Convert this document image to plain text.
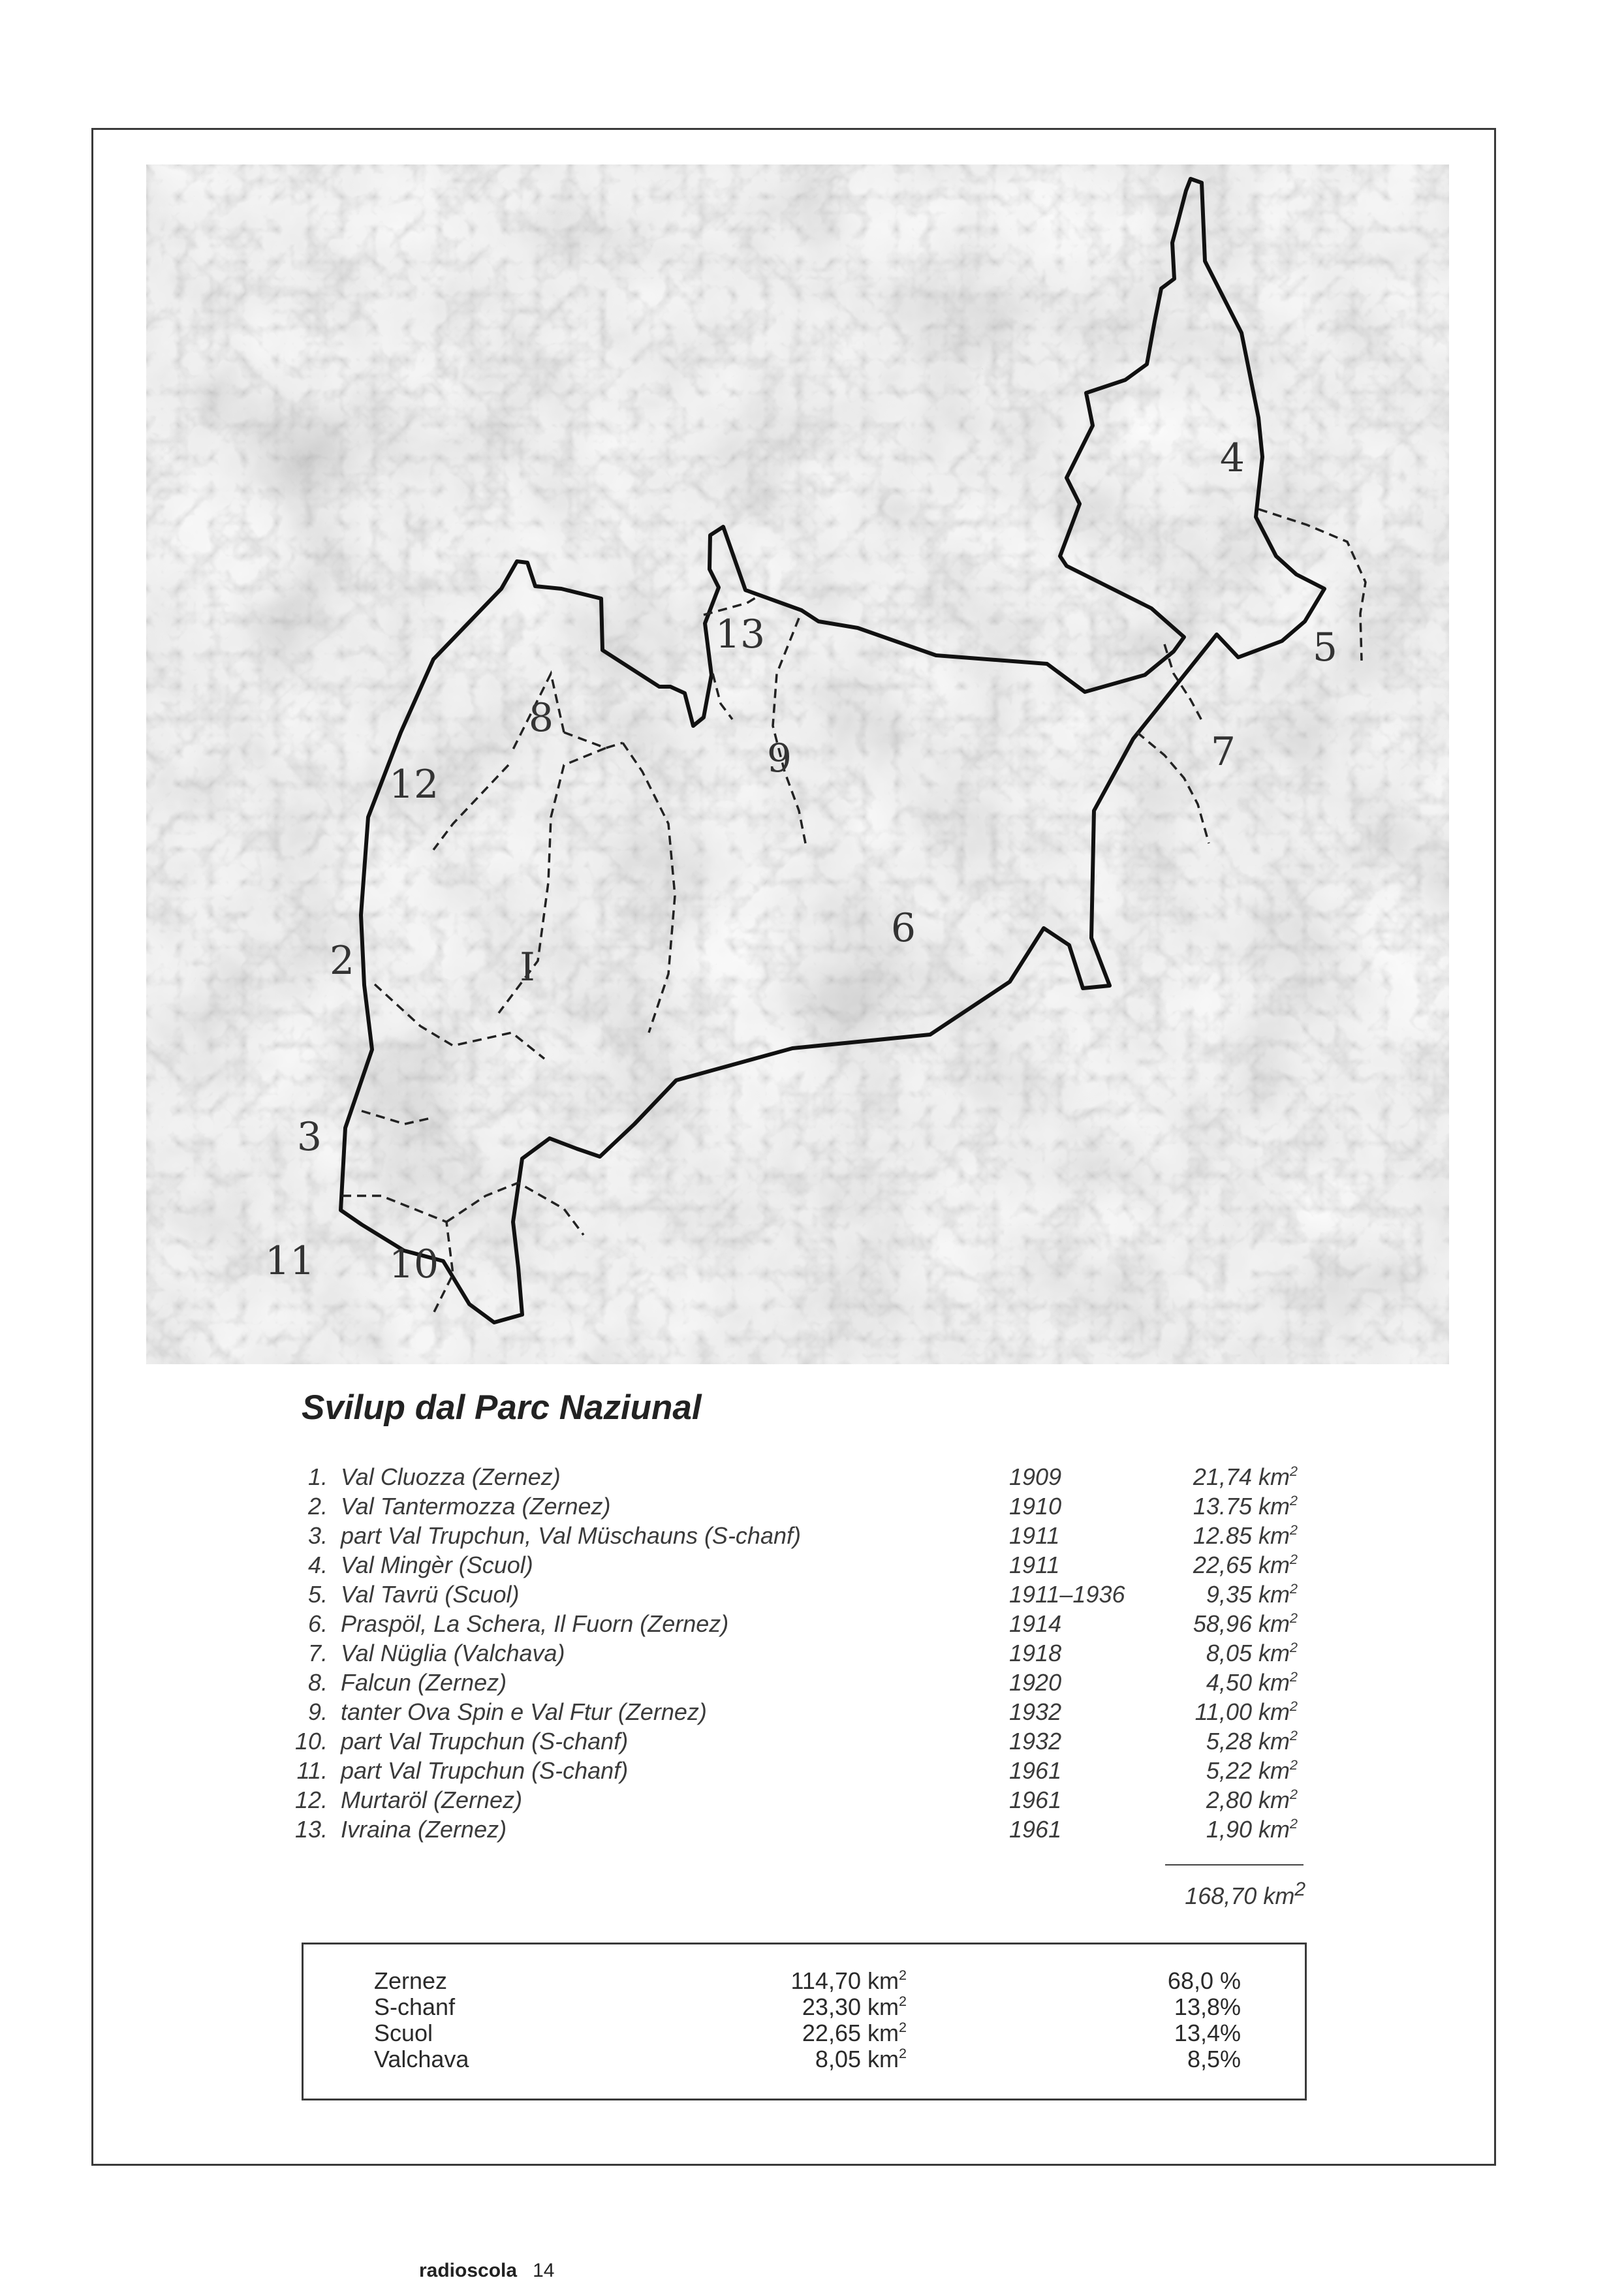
4
5
13
9
8
12
7
6
2	I
3
11 10
Svilup dal Parc Naziunal
1. Val Cluozza (Zernez)	1909	21,74 $km^2$
2. Val Tantermozza (Zernez)	1910	13.75 $km^2$
3. part Val Trupchun, Val Müschauns (S-chanf)	1911	12.85 $km^2$
4. Val Mingèr (Scuol)	1911	22,65 $km^2$
5. Val Tavrü (Scuol)	1911–1936	9,35 $km^2$
6. Praspöl, La Schera, Il Fuorn (Zernez)	1914	58,96 $km^2$
7. Val Nüglia (Valchava)	1918	8,05 $km^2$
8. Falcun (Zernez)	1920	4,50 $km^2$
9. tanter Ova Spin e Val Ftur (Zernez)	1932	11,00 $km^2$
10. part Val Trupchun (S-chanf)	1932	5,28 $km^2$
11. part Val Trupchun (S-chanf)	1961	5,22 $km^2$
12. Murtaröl (Zernez)	1961	2,80 $km^2$
13. Ivraina (Zernez)	1961	1,90 $km^2$
168,70 $km^2$
Zernez	114,70 $km^2$	68,0 %
S-chanf	23,30 $km^2$	13,8%
Scuol	22,65 $km^2$	13,4%
Valchava	8,05 $km^2$	8,5%
radioscola 14
